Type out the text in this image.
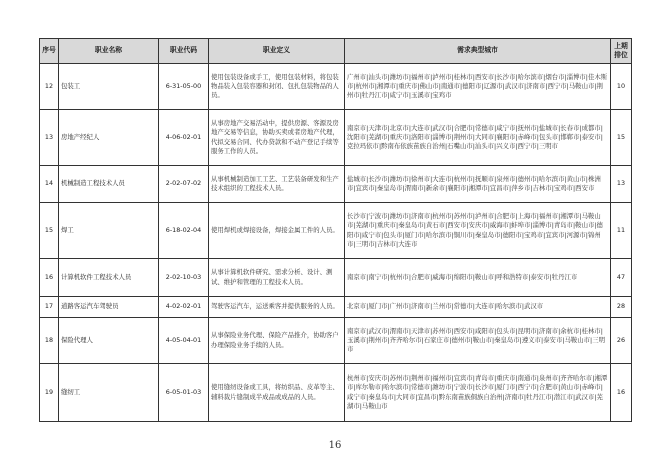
序号	职业名称	职业代码	职业定义	需求典型城市	上期排位
12	包装工	6-31-05-00	使用包装设备或手工，使用包装材料，将包装物品装入包装容器和封闭、包扎包装物品的人员。	广州市|汕头市|潍坊市|福州市|泸州市|桂林市|西安市|长沙市|哈尔滨市|烟台市|淄博市|佳木斯市|杭州市|湘潭市|重庆市|佛山市|南通市|德阳市|辽源市|武汉市|济南市|西宁市|马鞍山市|荆州市|牡丹江市|咸宁市|玉溪市|宝鸡市	10
13	房地产经纪人	4-06-02-01	从事房地产交易活动中，提供房源、客源及房地产交易等信息，协助买卖或者房地产代理，代拟交易合同、代办贷款和不动产登记手续等服务工作的人员。	南京市|天津市|北京市|大连市|武汉市|合肥市|常德市|咸宁市|抚州市|盐城市|长春市|成都市|沈阳市|芜湖市|重庆市|洛阳市|淄博市|荆州市|大同市|襄阳市|赤峰市|包头市|邯郸市|泰安市|克拉玛依市|黔南布依族苗族自治州|石嘴山市|汕头市|兴义市|西宁市|三明市	15
14	机械制造工程技术人员	2-02-07-02	从事机械制造加工工艺、工艺装备研发和生产技术组织的工程技术人员。	盐城市|长沙市|潍坊市|徐州市|大连市|杭州市|抚顺市|泉州市|德州市|哈尔滨市|黄山市|株洲市|宜宾市|秦皇岛市|渭南市|新余市|襄阳市|湘潭市|宜昌市|萍乡市|吉林市|宝鸡市|西安市	13
15	焊工	6-18-02-04	使用焊机或焊接设备，焊接金属工件的人员。	长沙市|宁波市|潍坊市|济南市|杭州市|苏州市|泸州市|合肥市|上海市|福州市|湘潭市|马鞍山市|芜湖市|重庆市|秦皇岛市|黄石市|西安市|安庆市|威海市|蚌埠市|淄博市|青岛市|鞍山市|德阳市|咸宁市|包头市|厦门市|哈尔滨市|铜川市|秦皇岛市|德阳市|宝鸡市|宜宾市|河源市|锦州市|三明市|吉林市|大连市	11
16	计算机软件工程技术人员	2-02-10-03	从事计算机软件研究、需求分析、设计、测试、维护和管理的工程技术人员。	南京市|南宁市|杭州市|合肥市|威海市|绵阳市|鞍山市|呼和浩特市|泰安市|牡丹江市	47
17	道路客运汽车驾驶员	4-02-02-01	驾驶客运汽车，运送乘客并提供服务的人员。	北京市|厦门市|广州市|济南市|兰州市|常德市|大连市|哈尔滨市|武汉市	28
18	保险代理人	4-05-04-01	从事保险业务代理、保险产品推介，协助客户办理保险业务手续的人员。	南京市|武汉市|渭南市|天津市|苏州市|西安市|咸阳市|包头市|昆明市|济南市|余杭市|桂林市|玉溪市|荆州市|齐齐哈尔市|石家庄市|德州市|鞍山市|秦皇岛市|遵义市|泰安市|马鞍山市|三明市	26
19	缝纫工	6-05-01-03	使用缝纫设备或工具，将纺织品、皮革等主、辅料裁片缝制成半成品或成品的人员。	杭州市|安庆市|苏州市|荆州市|福州市|宜宾市|青岛市|重庆市|南通市|泉州市|齐齐哈尔市|湘潭市|库尔勒市|哈尔滨市|常德市|潍坊市|宁波市|长沙市|厦门市|西宁市|合肥市|黄山市|赤峰市|咸宁市|秦皇岛市|大同市|宜昌市|黔东南苗族侗族自治州|济南市|牡丹江市|潜江市|武汉市|芜湖市|马鞍山市	16
16
